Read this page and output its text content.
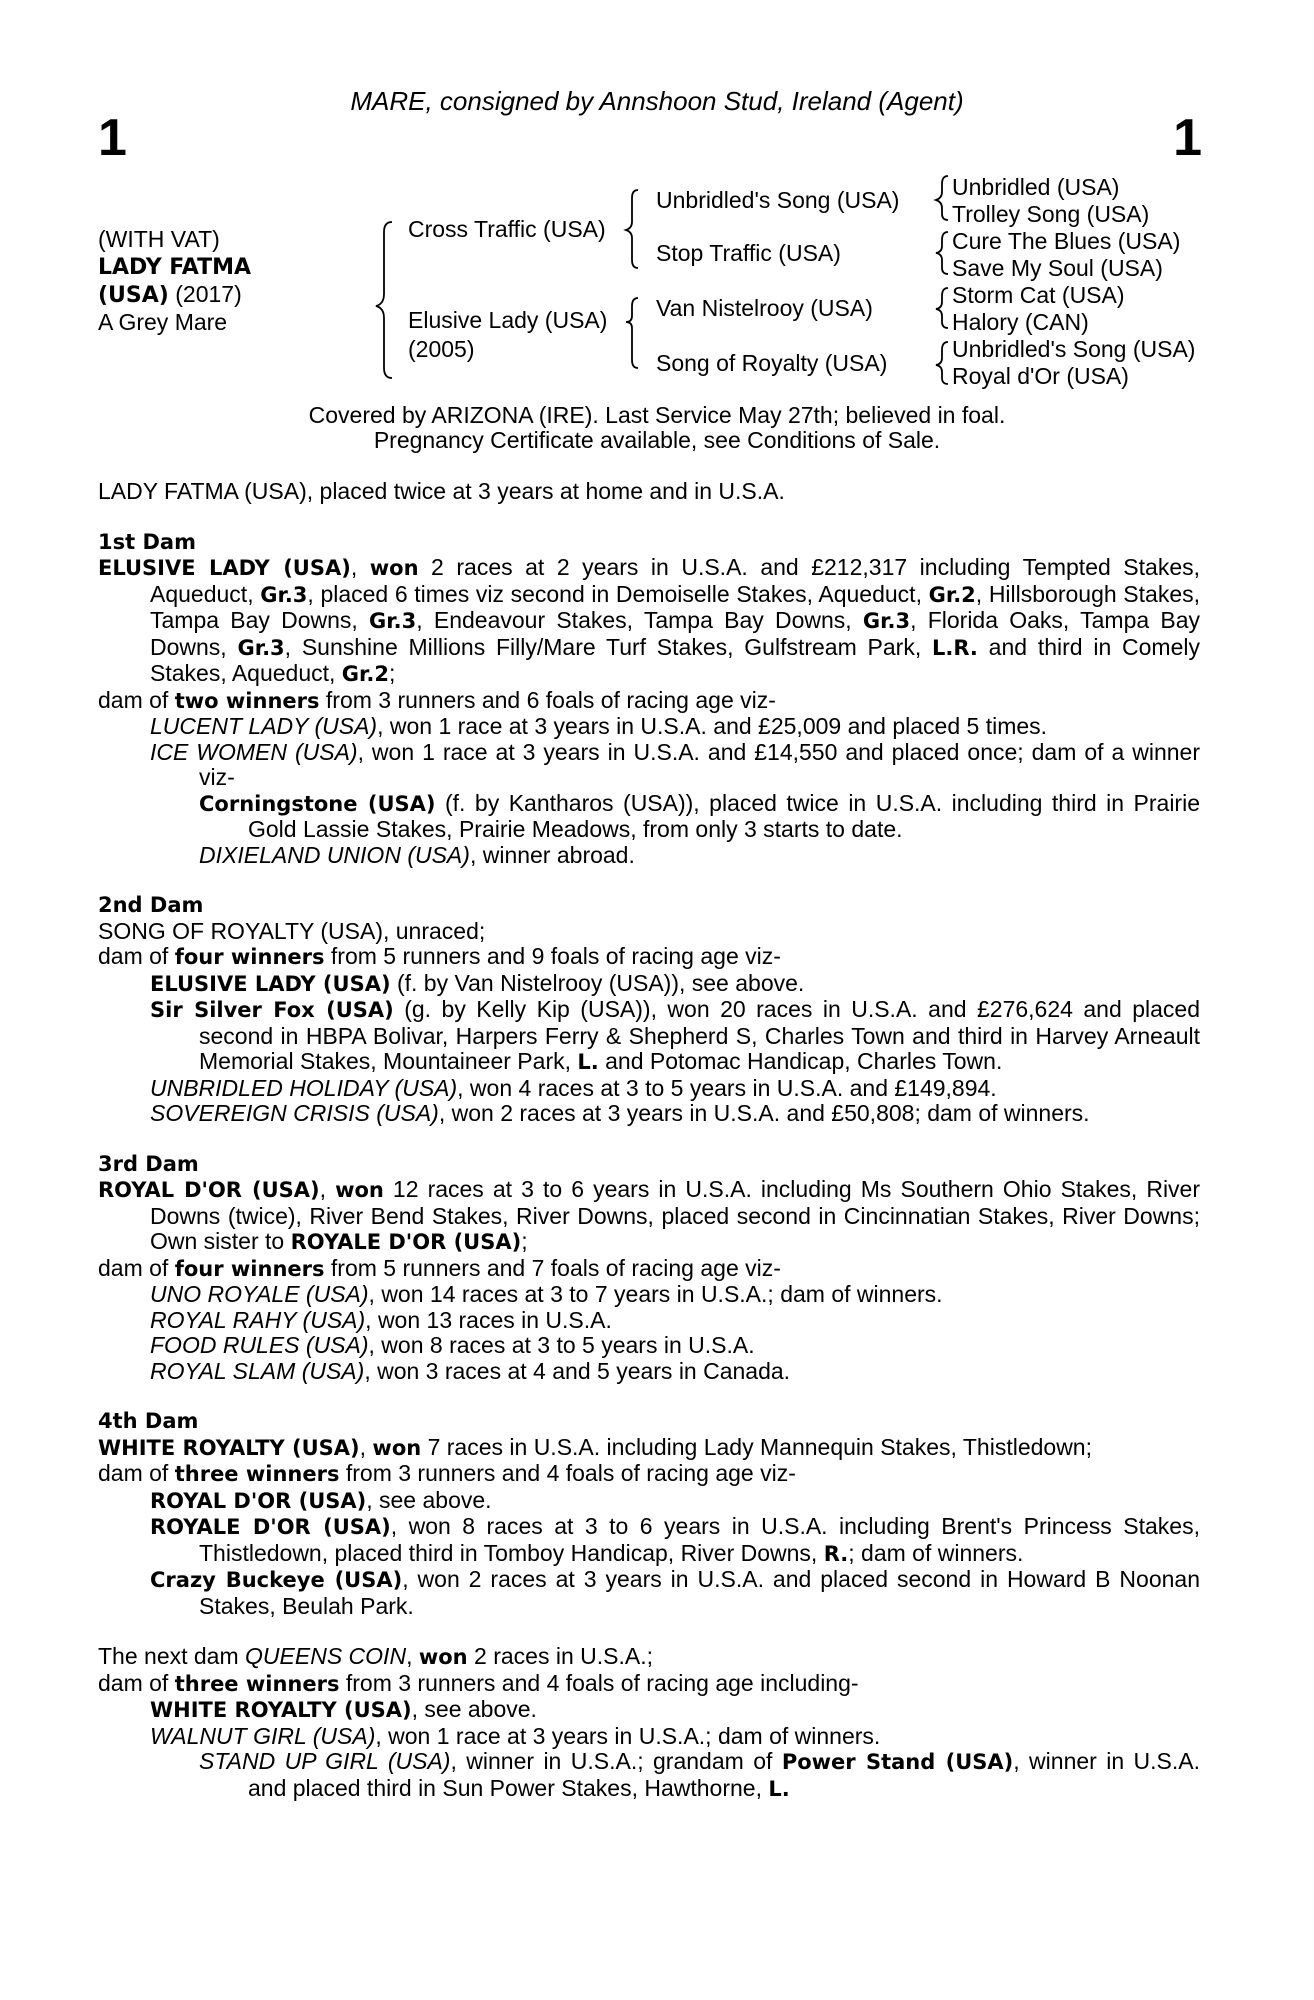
1
MARE, consigned by Annshoon Stud, Ireland (Agent)
1
(WITH VAT)
LADY FATMA
(USA) (2017)
A Grey Mare
Cross Traffic (USA)
Elusive Lady (USA)
(2005)
Unbridled's Song (USA)
Stop Traffic (USA)
Van Nistelrooy (USA)
Song of Royalty (USA)
Unbridled (USA)
Trolley Song (USA)
Cure The Blues (USA)
Save My Soul (USA)
Storm Cat (USA)
Halory (CAN)
Unbridled's Song (USA)
Royal d'Or (USA)
Covered by ARIZONA (IRE). Last Service May 27th; believed in foal.
Pregnancy Certificate available, see Conditions of Sale.

LADY FATMA (USA), placed twice at 3 years at home and in U.S.A.

1st Dam

ELUSIVE LADY (USA), won 2 races at 2 years in U.S.A. and £212,317 including Tempted Stakes, Aqueduct, Gr.3, placed 6 times viz second in Demoiselle Stakes, Aqueduct, Gr.2, Hillsborough Stakes, Tampa Bay Downs, Gr.3, Endeavour Stakes, Tampa Bay Downs, Gr.3, Florida Oaks, Tampa Bay Downs, Gr.3, Sunshine Millions Filly/Mare Turf Stakes, Gulfstream Park, L.R. and third in Comely Stakes, Aqueduct, Gr.2;

dam of two winners from 3 runners and 6 foals of racing age viz-

LUCENT LADY (USA), won 1 race at 3 years in U.S.A. and £25,009 and placed 5 times.

ICE WOMEN (USA), won 1 race at 3 years in U.S.A. and £14,550 and placed once; dam of a winner viz-

Corningstone (USA) (f. by Kantharos (USA)), placed twice in U.S.A. including third in Prairie Gold Lassie Stakes, Prairie Meadows, from only 3 starts to date.

DIXIELAND UNION (USA), winner abroad.

2nd Dam

SONG OF ROYALTY (USA), unraced;

dam of four winners from 5 runners and 9 foals of racing age viz-

ELUSIVE LADY (USA) (f. by Van Nistelrooy (USA)), see above.

Sir Silver Fox (USA) (g. by Kelly Kip (USA)), won 20 races in U.S.A. and £276,624 and placed second in HBPA Bolivar, Harpers Ferry & Shepherd S, Charles Town and third in Harvey Arneault Memorial Stakes, Mountaineer Park, L. and Potomac Handicap, Charles Town.

UNBRIDLED HOLIDAY (USA), won 4 races at 3 to 5 years in U.S.A. and £149,894.

SOVEREIGN CRISIS (USA), won 2 races at 3 years in U.S.A. and £50,808; dam of winners.

3rd Dam

ROYAL D'OR (USA), won 12 races at 3 to 6 years in U.S.A. including Ms Southern Ohio Stakes, River Downs (twice), River Bend Stakes, River Downs, placed second in Cincinnatian Stakes, River Downs; Own sister to ROYALE D'OR (USA);

dam of four winners from 5 runners and 7 foals of racing age viz-

UNO ROYALE (USA), won 14 races at 3 to 7 years in U.S.A.; dam of winners.

ROYAL RAHY (USA), won 13 races in U.S.A.

FOOD RULES (USA), won 8 races at 3 to 5 years in U.S.A.

ROYAL SLAM (USA), won 3 races at 4 and 5 years in Canada.

4th Dam

WHITE ROYALTY (USA), won 7 races in U.S.A. including Lady Mannequin Stakes, Thistledown;

dam of three winners from 3 runners and 4 foals of racing age viz-

ROYAL D'OR (USA), see above.

ROYALE D'OR (USA), won 8 races at 3 to 6 years in U.S.A. including Brent's Princess Stakes, Thistledown, placed third in Tomboy Handicap, River Downs, R.; dam of winners.

Crazy Buckeye (USA), won 2 races at 3 years in U.S.A. and placed second in Howard B Noonan Stakes, Beulah Park.

The next dam QUEENS COIN, won 2 races in U.S.A.;

dam of three winners from 3 runners and 4 foals of racing age including-

WHITE ROYALTY (USA), see above.

WALNUT GIRL (USA), won 1 race at 3 years in U.S.A.; dam of winners.

STAND UP GIRL (USA), winner in U.S.A.; grandam of Power Stand (USA), winner in U.S.A. and placed third in Sun Power Stakes, Hawthorne, L.
